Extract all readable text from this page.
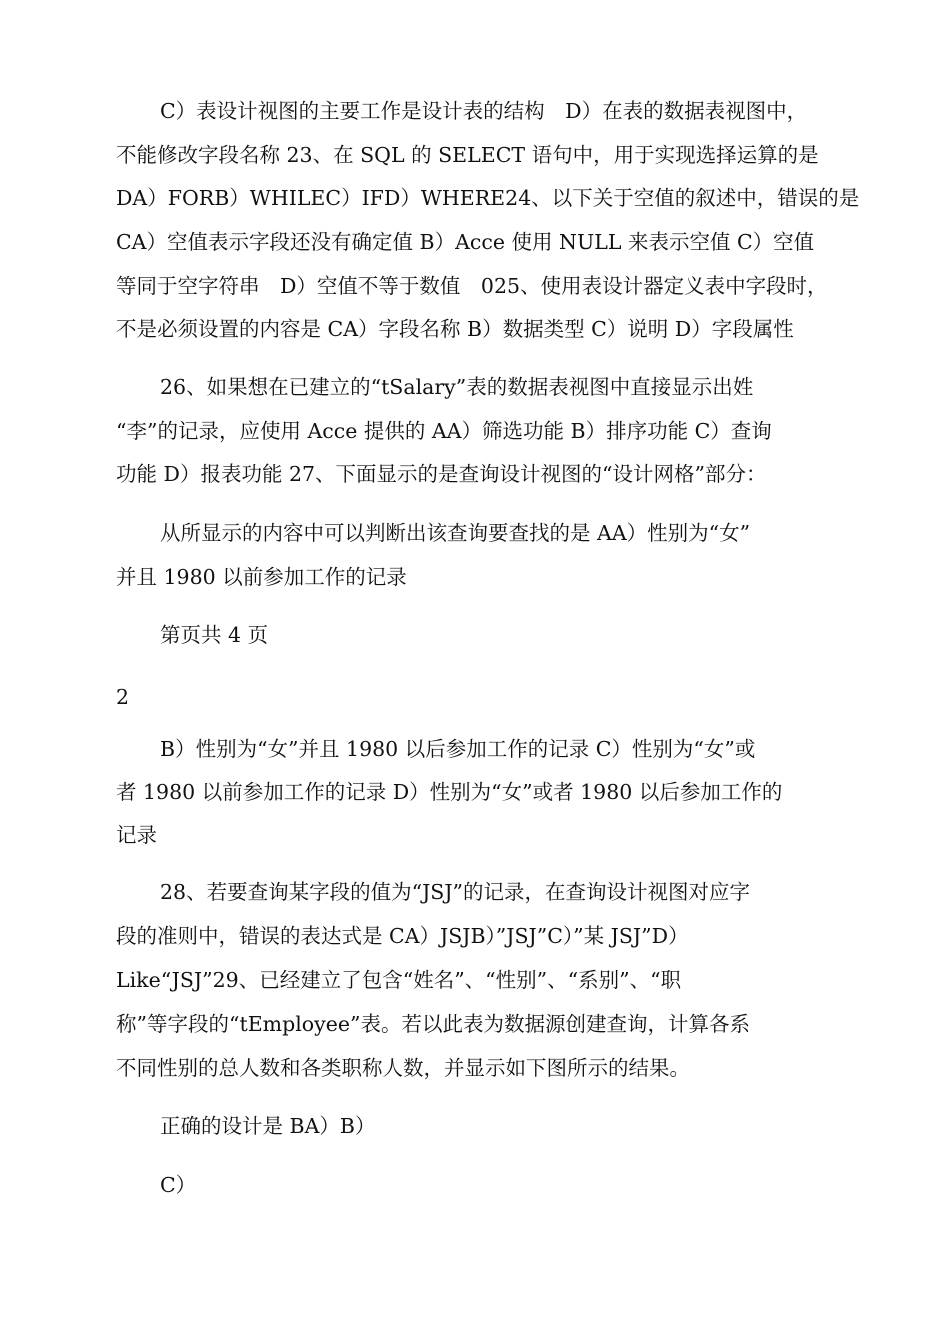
C）表设计视图的主要工作是设计表的结构　D）在表的数据表视图中，
不能修改字段名称 23、在 SQL 的 SELECT 语句中，用于实现选择运算的是
DA）FORB）WHILEC）IFD）WHERE24、以下关于空值的叙述中，错误的是
CA）空值表示字段还没有确定值 B）Acce 使用 NULL 来表示空值 C）空值
等同于空字符串　D）空值不等于数值　025、使用表设计器定义表中字段时，
不是必须设置的内容是 CA）字段名称 B）数据类型 C）说明 D）字段属性
26、如果想在已建立的“tSalary”表的数据表视图中直接显示出姓
“李”的记录，应使用 Acce 提供的 AA）筛选功能 B）排序功能 C）查询
功能 D）报表功能 27、下面显示的是查询设计视图的“设计网格”部分：
从所显示的内容中可以判断出该查询要查找的是 AA）性别为“女”
并且 1980 以前参加工作的记录
第页共 4 页
2
B）性别为“女”并且 1980 以后参加工作的记录 C）性别为“女”或
者 1980 以前参加工作的记录 D）性别为“女”或者 1980 以后参加工作的
记录
28、若要查询某字段的值为“JSJ”的记录，在查询设计视图对应字
段的准则中，错误的表达式是 CA）JSJB）”JSJ”C）”某 JSJ”D）
Like“JSJ”29、已经建立了包含“姓名”、“性别”、“系别”、“职
称”等字段的“tEmployee”表。若以此表为数据源创建查询，计算各系
不同性别的总人数和各类职称人数，并显示如下图所示的结果。
正确的设计是 BA）B）
C）
